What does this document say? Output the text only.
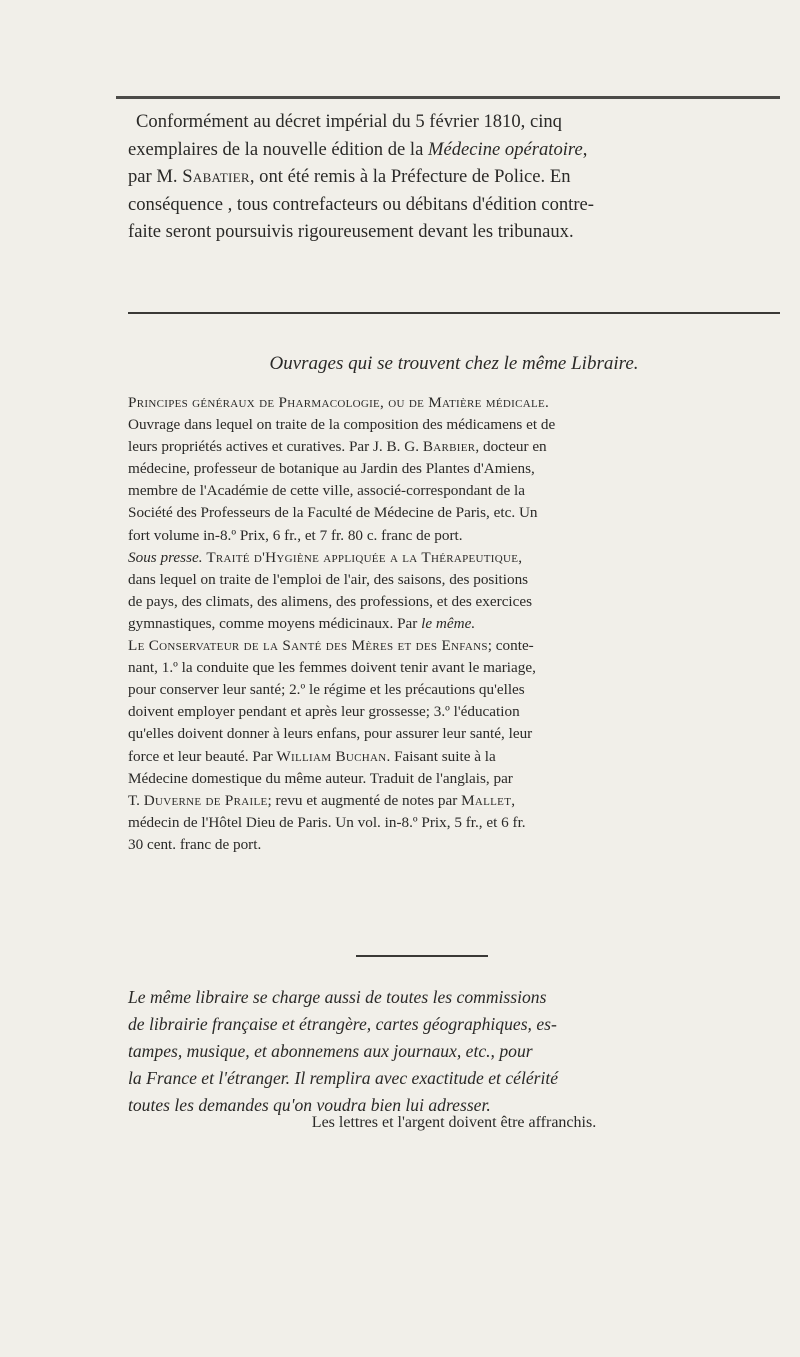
Conformément au décret impérial du 5 février 1810, cinq
exemplaires de la nouvelle édition de la Médecine opératoire,
par M. Sabatier, ont été remis à la Préfecture de Police. En
conséquence , tous contrefacteurs ou débitans d'édition contre-
faite seront poursuivis rigoureusement devant les tribunaux.
Ouvrages qui se trouvent chez le même Libraire.

Principes généraux de Pharmacologie, ou de Matière médicale.
Ouvrage dans lequel on traite de la composition des médicamens et de
leurs propriétés actives et curatives. Par J. B. G. Barbier, docteur en
médecine, professeur de botanique au Jardin des Plantes d'Amiens,
membre de l'Académie de cette ville, associé-correspondant de la
Société des Professeurs de la Faculté de Médecine de Paris, etc. Un
fort volume in-8.º Prix, 6 fr., et 7 fr. 80 c. franc de port.

Sous presse. Traité d'Hygiène appliquée a la Thérapeutique,
dans lequel on traite de l'emploi de l'air, des saisons, des positions
de pays, des climats, des alimens, des professions, et des exercices
gymnastiques, comme moyens médicinaux. Par le même.

Le Conservateur de la Santé des Mères et des Enfans; conte-
nant, 1.º la conduite que les femmes doivent tenir avant le mariage,
pour conserver leur santé; 2.º le régime et les précautions qu'elles
doivent employer pendant et après leur grossesse; 3.º l'éducation
qu'elles doivent donner à leurs enfans, pour assurer leur santé, leur
force et leur beauté. Par William Buchan. Faisant suite à la
Médecine domestique du même auteur. Traduit de l'anglais, par
T. Duverne de Praile; revu et augmenté de notes par Mallet,
médecin de l'Hôtel Dieu de Paris. Un vol. in-8.º Prix, 5 fr., et 6 fr.
30 cent. franc de port.

Le même libraire se charge aussi de toutes les commissions
de librairie française et étrangère, cartes géographiques, es-
tampes, musique, et abonnemens aux journaux, etc., pour
la France et l'étranger. Il remplira avec exactitude et célérité
toutes les demandes qu'on voudra bien lui adresser.
Les lettres et l'argent doivent être affranchis.
